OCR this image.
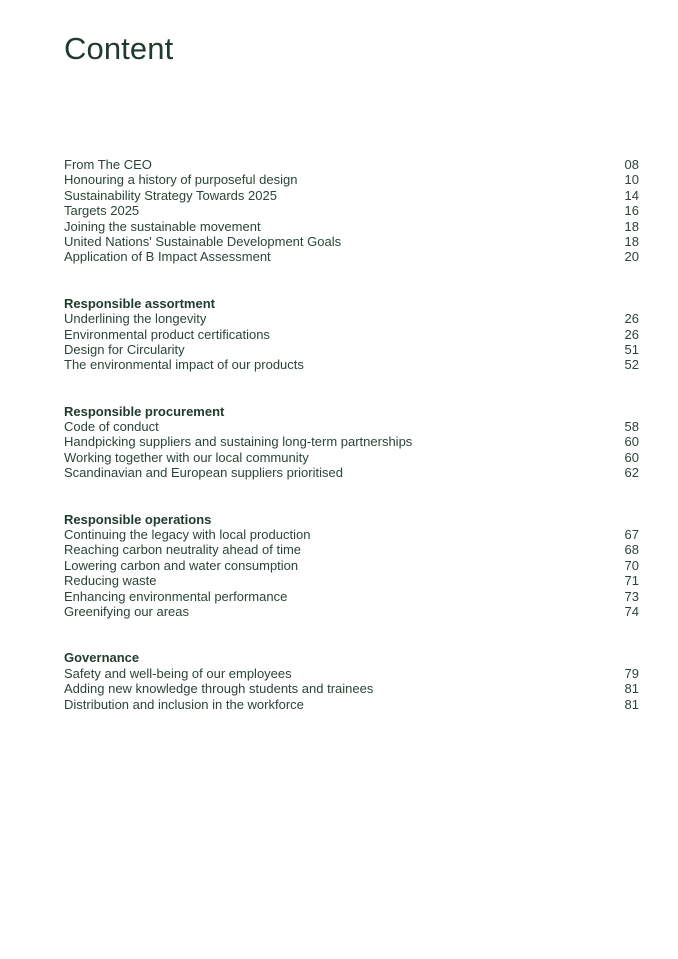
Content
From The CEO	08
Honouring a history of purposeful design	10
Sustainability Strategy Towards 2025	14
Targets 2025	16
Joining the sustainable movement	18
United Nations' Sustainable Development Goals	18
Application of B Impact Assessment	20
Responsible assortment
Underlining the longevity	26
Environmental product certifications	26
Design for Circularity	51
The environmental impact of our products	52
Responsible procurement
Code of conduct	58
Handpicking suppliers and sustaining long-term partnerships	60
Working together with our local community	60
Scandinavian and European suppliers prioritised	62
Responsible operations
Continuing the legacy with local production	67
Reaching carbon neutrality ahead of time	68
Lowering carbon and water consumption	70
Reducing waste	71
Enhancing environmental performance	73
Greenifying our areas	74
Governance
Safety and well-being of our employees	79
Adding new knowledge through students and trainees	81
Distribution and inclusion in the workforce	81
